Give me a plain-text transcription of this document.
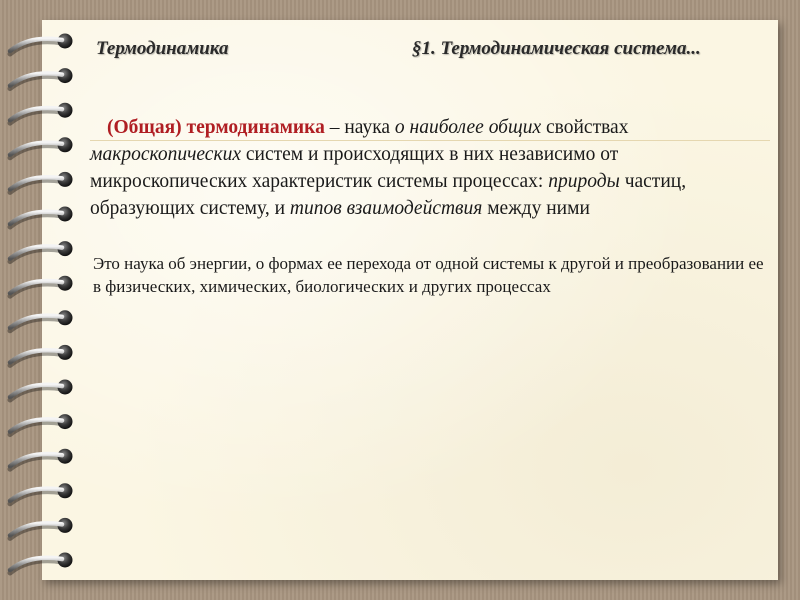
Термодинамика	§1. Термодинамическая система...
(Общая) термодинамика – наука о наиболее общих свойствах макроскопических систем и происходящих в них независимо от микроскопических характеристик системы процессах: природы частиц, образующих систему, и типов взаимодействия между ними
Это наука об энергии, о формах ее перехода от одной системы к другой и преобразовании ее в физических, химических, биологических и других процессах
